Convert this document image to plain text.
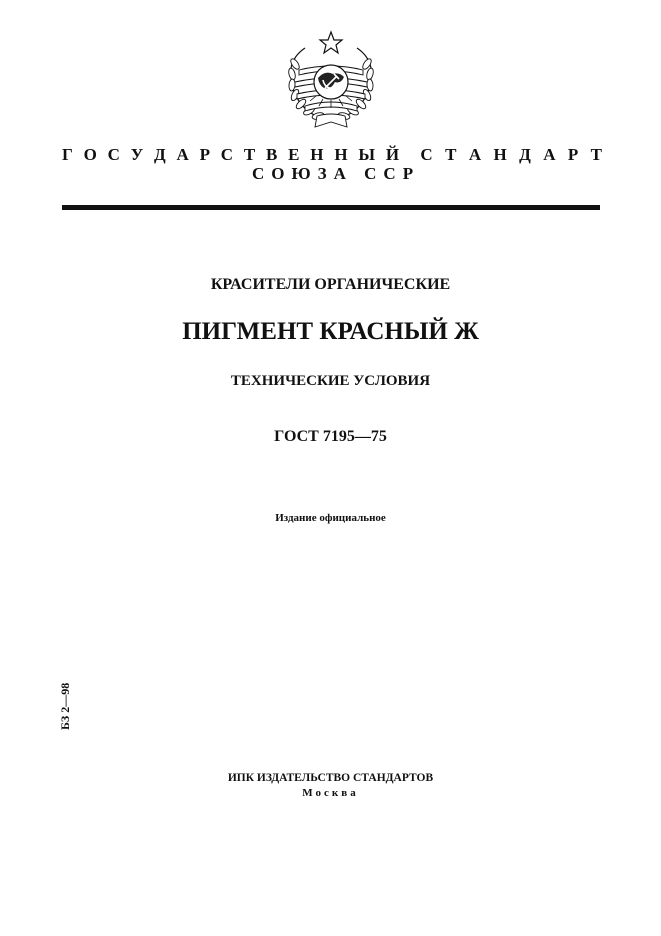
Г О С У Д А Р С Т В Е Н Н Ы Й С Т А Н Д А Р Т
СОЮЗА ССР
КРАСИТЕЛИ ОРГАНИЧЕСКИЕ
ПИГМЕНТ КРАСНЫЙ Ж
ТЕХНИЧЕСКИЕ УСЛОВИЯ
ГОСТ 7195—75
Издание официальное
БЗ 2—98
ИПК ИЗДАТЕЛЬСТВО СТАНДАРТОВ
Москва
